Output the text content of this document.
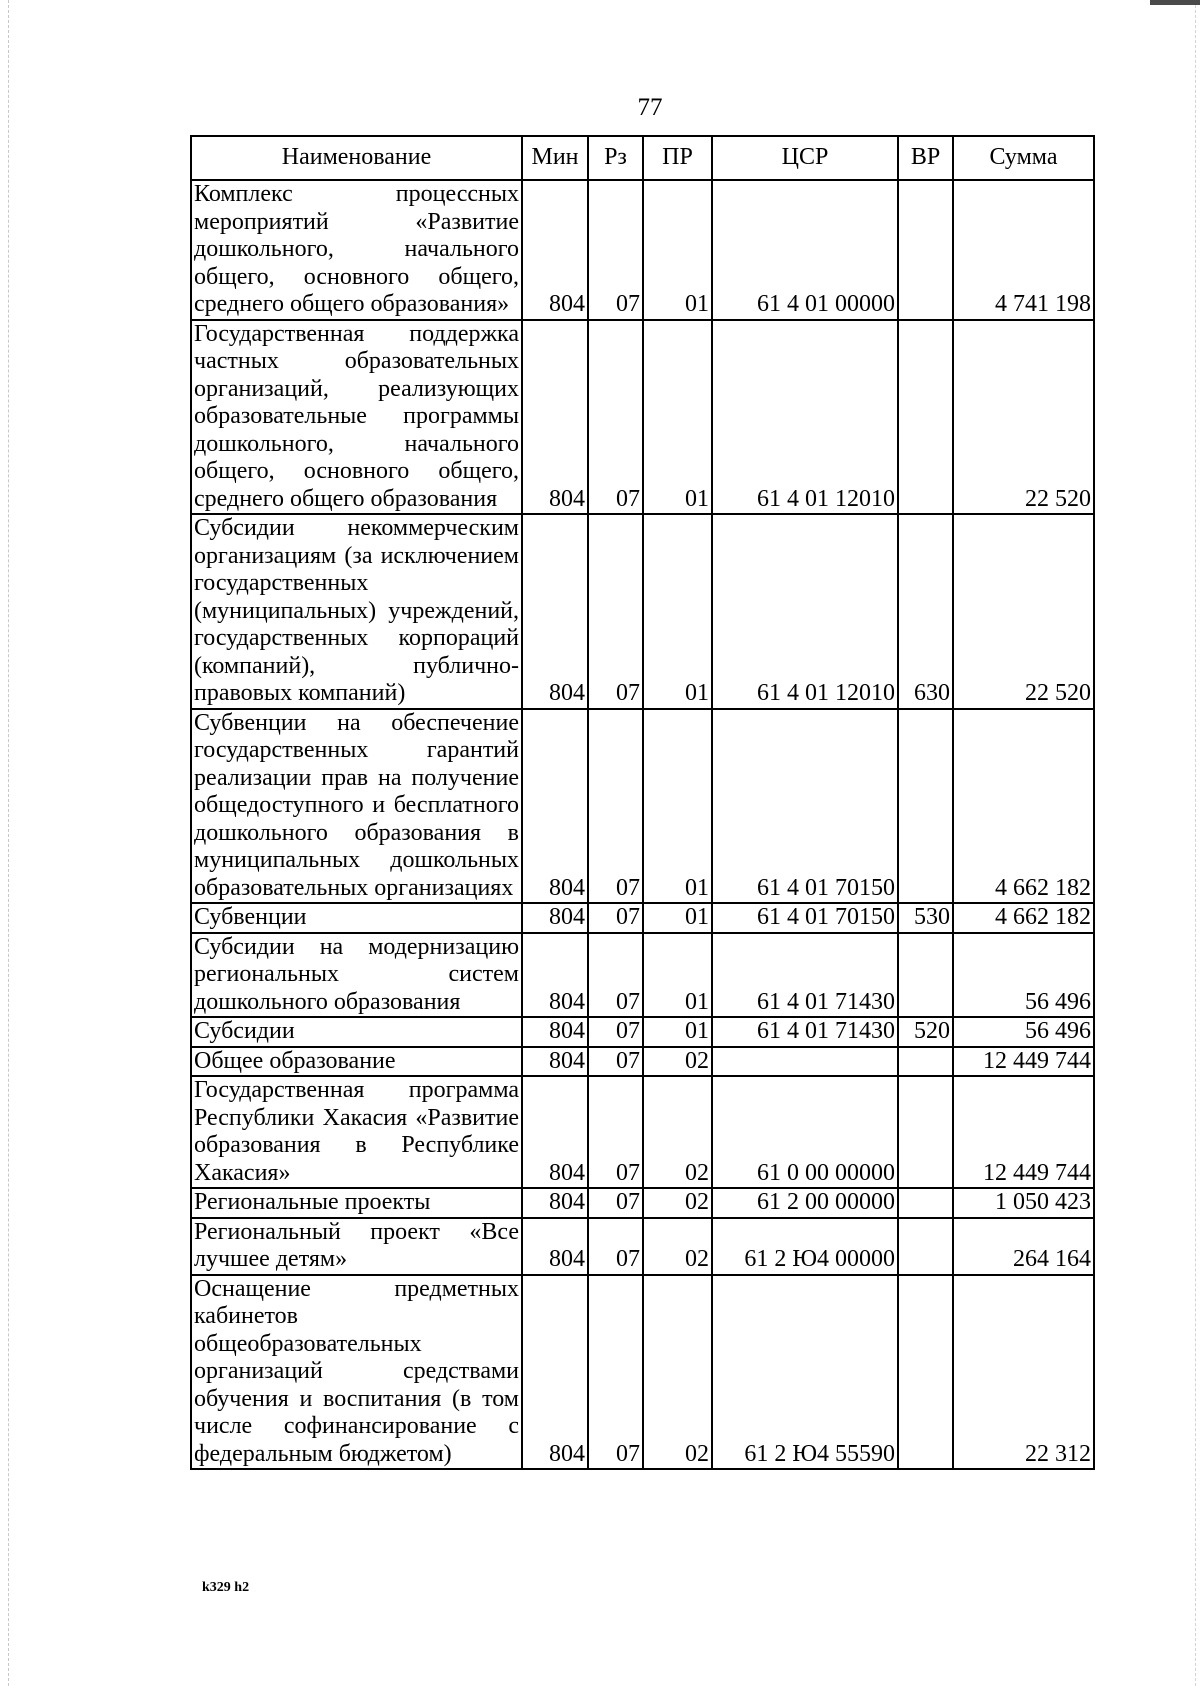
77
Наименование	Мин	Рз	ПР	ЦСР	ВР	Сумма
Комплекс процессных мероприятий «Развитие дошкольного, начального общего, основного общего, среднего общего образования»	804	07	01	61 4 01 00000		4 741 198
Государственная поддержка частных образовательных организаций, реализующих образовательные программы дошкольного, начального общего, основного общего, среднего общего образования	804	07	01	61 4 01 12010		22 520
Субсидии некоммерческим организациям (за исключением государственных (муниципальных) учреждений, государственных корпораций (компаний), публично-правовых компаний)	804	07	01	61 4 01 12010	630	22 520
Субвенции на обеспечение государственных гарантий реализации прав на получение общедоступного и бесплатного дошкольного образования в муниципальных дошкольных образовательных организациях	804	07	01	61 4 01 70150		4 662 182
Субвенции	804	07	01	61 4 01 70150	530	4 662 182
Субсидии на модернизацию региональных систем дошкольного образования	804	07	01	61 4 01 71430		56 496
Субсидии	804	07	01	61 4 01 71430	520	56 496
Общее образование	804	07	02			12 449 744
Государственная программа Республики Хакасия «Развитие образования в Республике Хакасия»	804	07	02	61 0 00 00000		12 449 744
Региональные проекты	804	07	02	61 2 00 00000		1 050 423
Региональный проект «Все лучшее детям»	804	07	02	61 2 Ю4 00000		264 164
Оснащение предметных кабинетов общеобразовательных организаций средствами обучения и воспитания (в том числе софинансирование с федеральным бюджетом)	804	07	02	61 2 Ю4 55590		22 312
k329 h2
